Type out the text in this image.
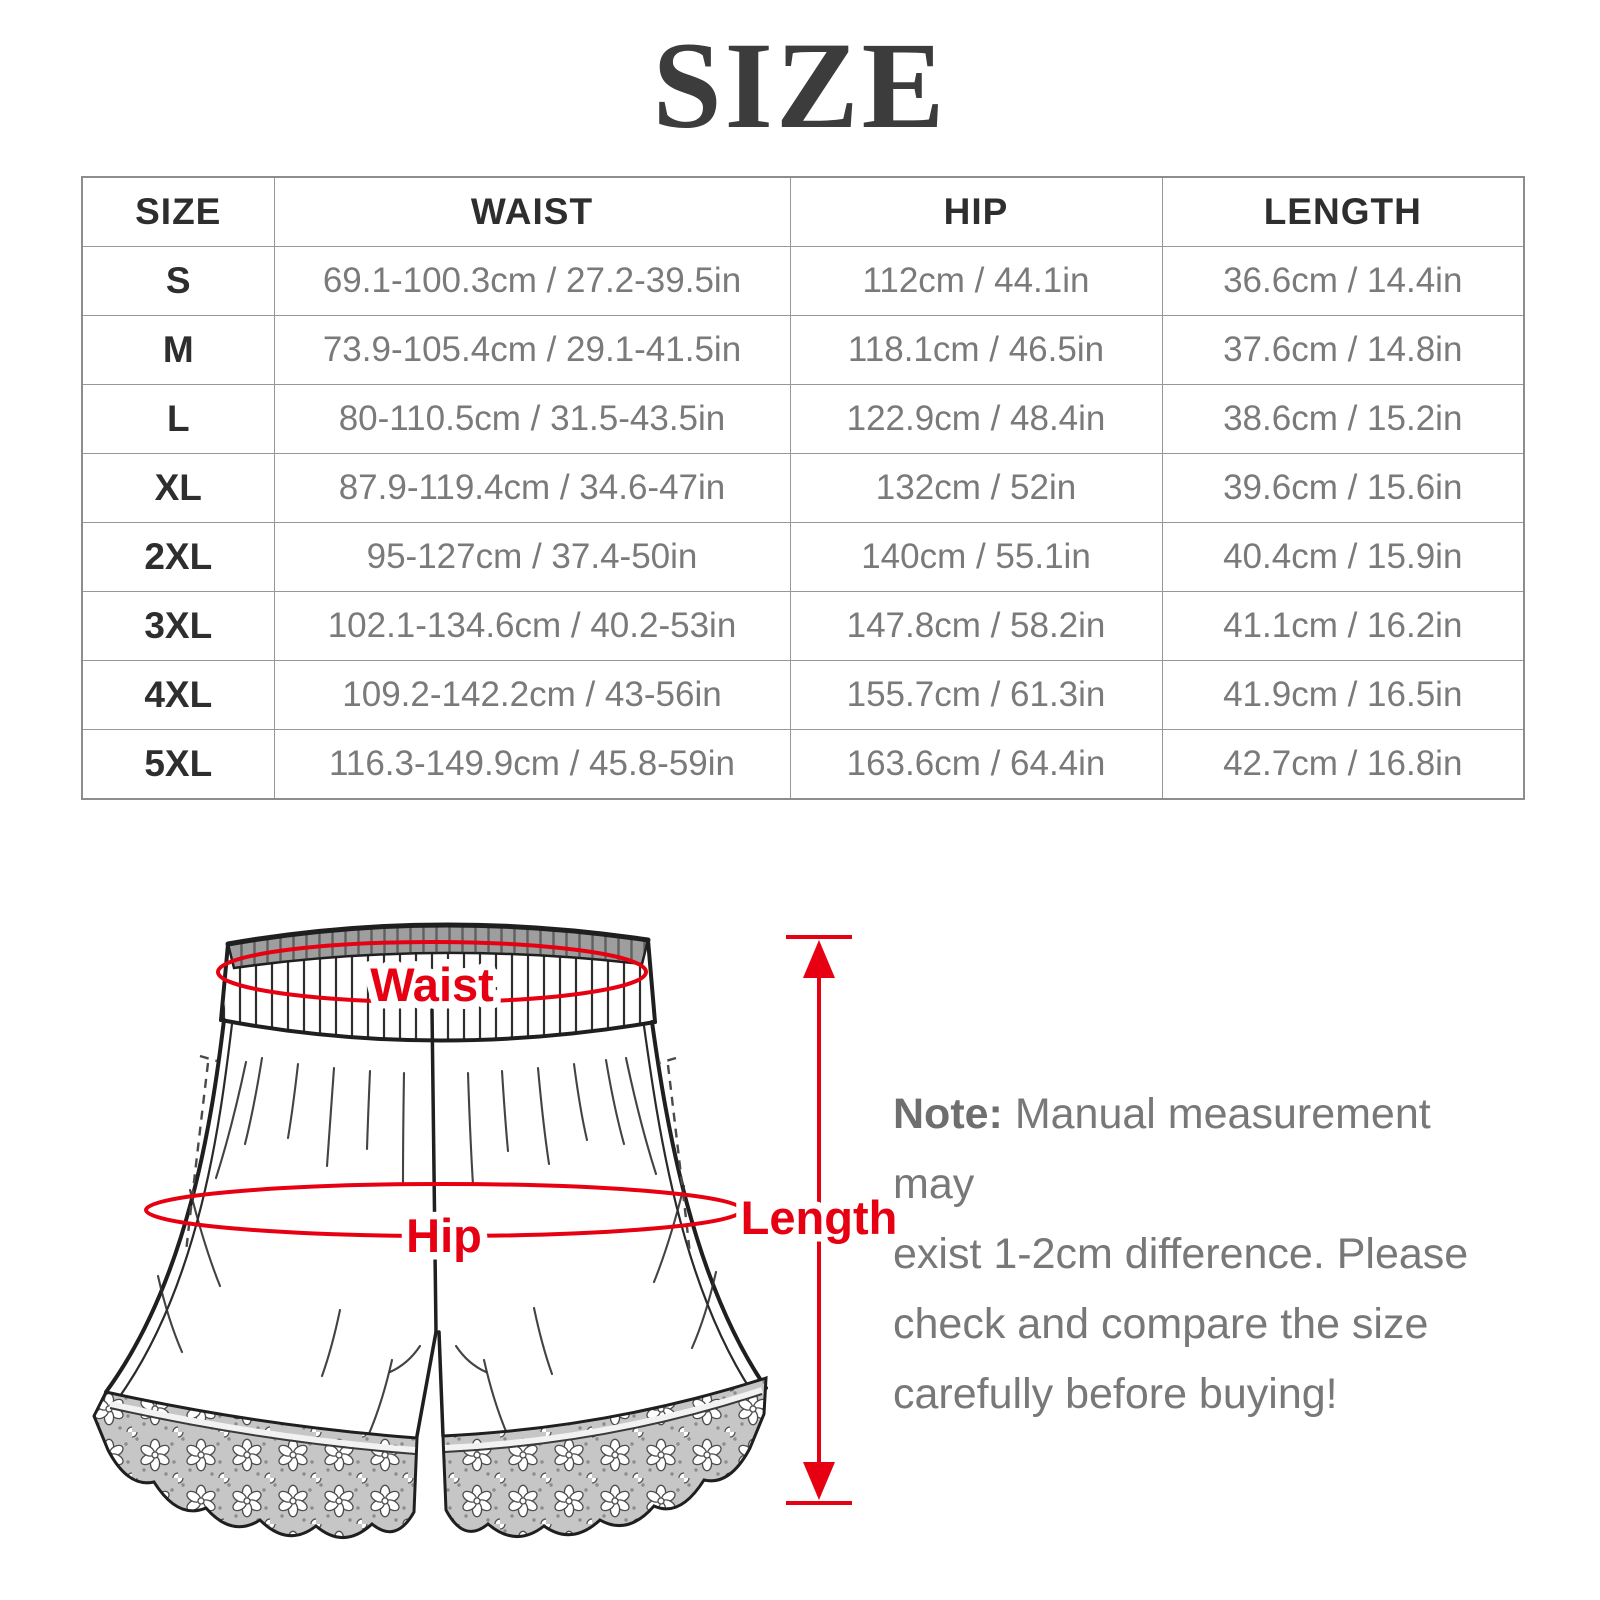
SIZE
SIZE	WAIST	HIP	LENGTH
S	69.1-100.3cm / 27.2-39.5in	112cm / 44.1in	36.6cm / 14.4in
M	73.9-105.4cm / 29.1-41.5in	118.1cm / 46.5in	37.6cm / 14.8in
L	80-110.5cm / 31.5-43.5in	122.9cm / 48.4in	38.6cm / 15.2in
XL	87.9-119.4cm / 34.6-47in	132cm / 52in	39.6cm / 15.6in
2XL	95-127cm / 37.4-50in	140cm / 55.1in	40.4cm / 15.9in
3XL	102.1-134.6cm / 40.2-53in	147.8cm / 58.2in	41.1cm / 16.2in
4XL	109.2-142.2cm / 43-56in	155.7cm / 61.3in	41.9cm / 16.5in
5XL	116.3-149.9cm / 45.8-59in	163.6cm / 64.4in	42.7cm / 16.8in
Waist
Hip	Length

Note: Manual measurement may
exist 1-2cm difference. Please
check and compare the size
carefully before buying!
